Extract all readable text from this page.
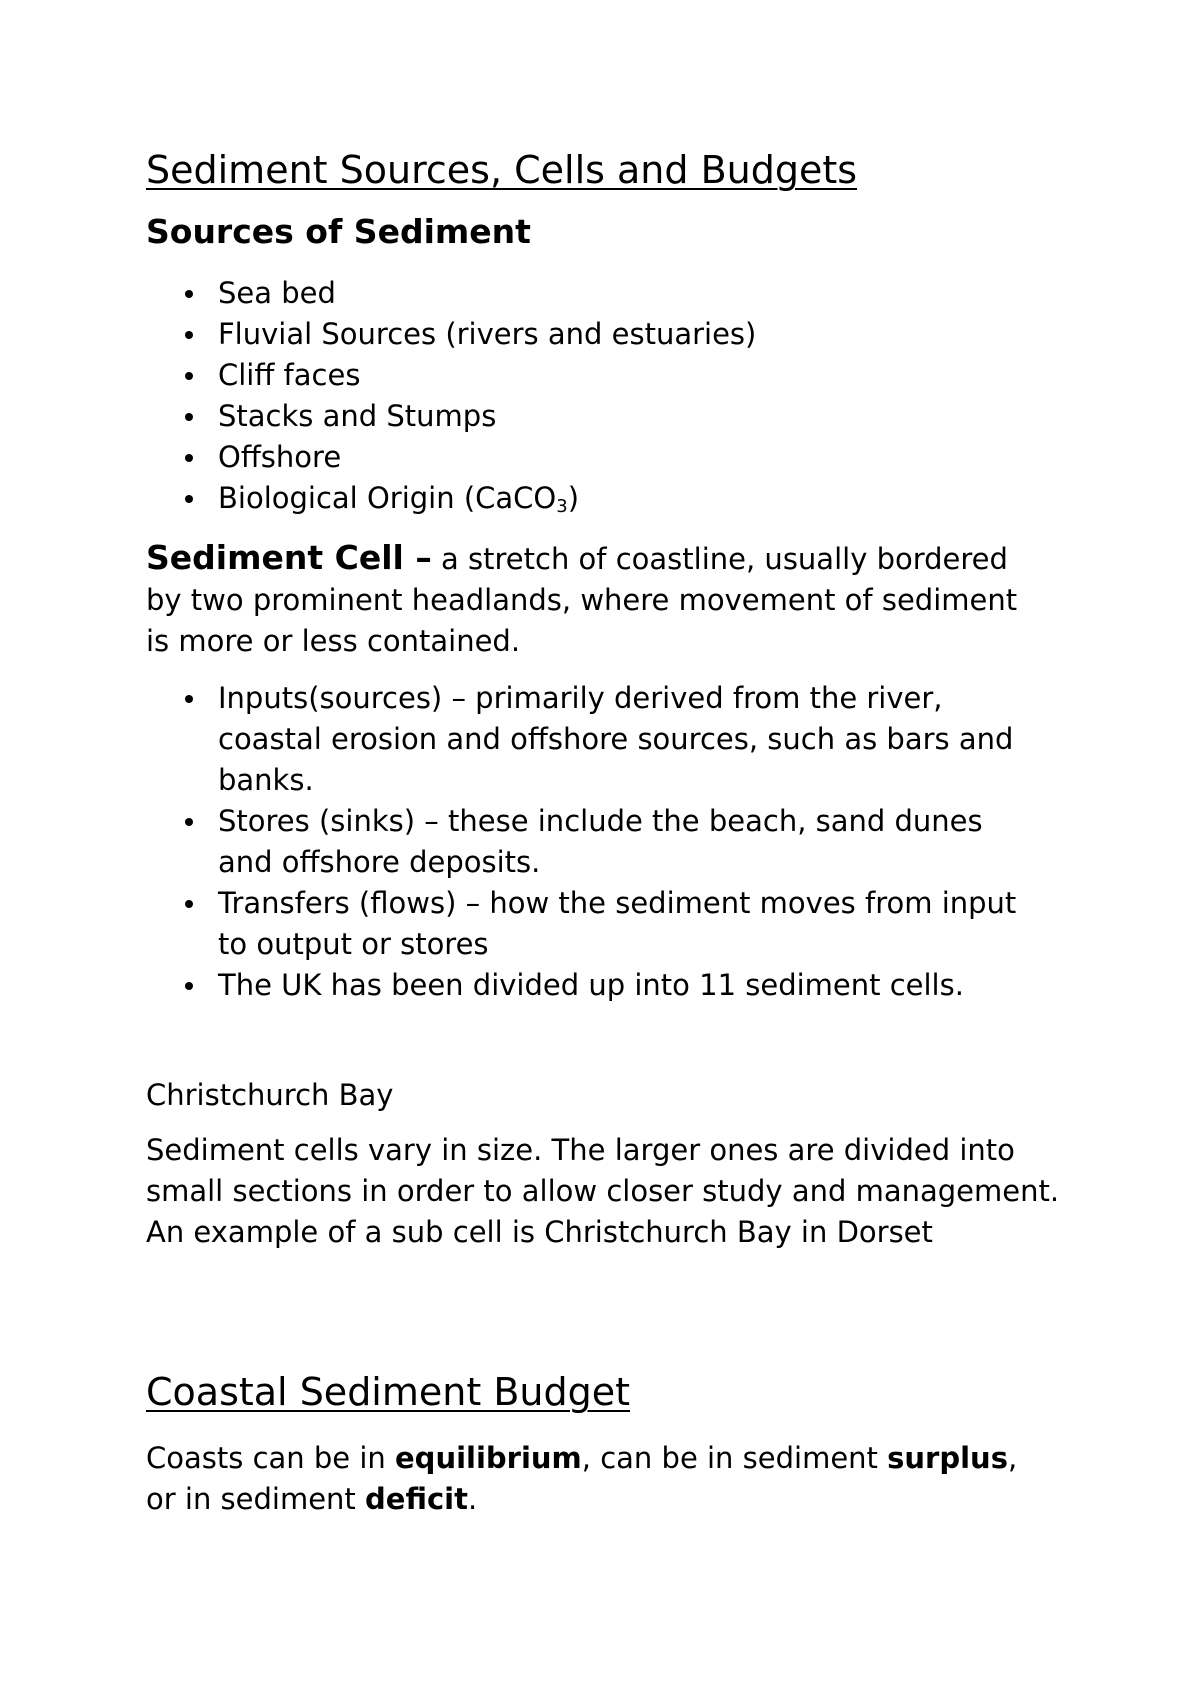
Sediment Sources, Cells and Budgets
Sources of Sediment
Sea bed
Fluvial Sources (rivers and estuaries)
Cliff faces
Stacks and Stumps
Offshore
Biological Origin (CaCO$_3$)
Sediment Cell – a stretch of coastline, usually bordered by two prominent headlands, where movement of sediment is more or less contained.
Inputs(sources) – primarily derived from the river, coastal erosion and offshore sources, such as bars and banks.
Stores (sinks) – these include the beach, sand dunes and offshore deposits.
Transfers (flows) – how the sediment moves from input to output or stores
The UK has been divided up into 11 sediment cells.
Christchurch Bay
Sediment cells vary in size. The larger ones are divided into small sections in order to allow closer study and management. An example of a sub cell is Christchurch Bay in Dorset
Coastal Sediment Budget
Coasts can be in equilibrium, can be in sediment surplus, or in sediment deficit.
